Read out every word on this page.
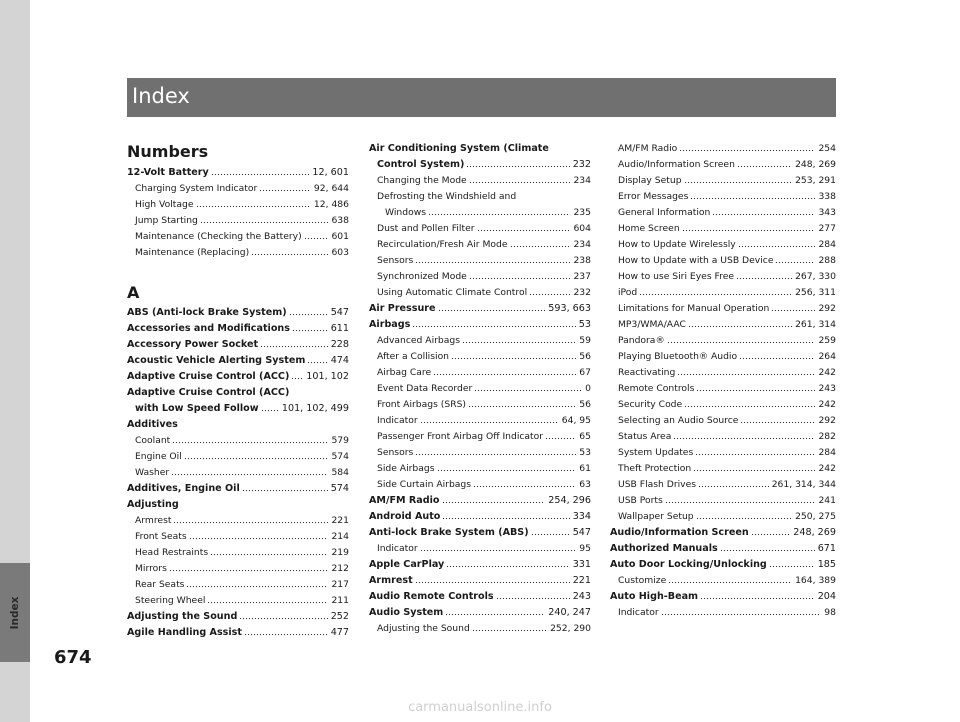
Index
Index
Numbers
12-Volt Battery	12, 601
Charging System Indicator	92, 644
High Voltage	12, 486
Jump Starting	638
Maintenance (Checking the Battery)	601
Maintenance (Replacing)	603
A
ABS (Anti-lock Brake System)	547
Accessories and Modifications	611
Accessory Power Socket	228
Acoustic Vehicle Alerting System	474
Adaptive Cruise Control (ACC) 101, 102
Adaptive Cruise Control (ACC)
with Low Speed Follow 101, 102, 499
Additives
Coolant	579
Engine Oil	574
Washer	584
Additives, Engine Oil	574
Adjusting
Armrest	221
Front Seats	214
Head Restraints	219
Mirrors	212
Rear Seats	217
Steering Wheel	211
Adjusting the Sound	252
Agile Handling Assist	477
Air Conditioning System (Climate
Control System)	232
Changing the Mode	234
Defrosting the Windshield and
Windows	235
Dust and Pollen Filter	604
Recirculation/Fresh Air Mode	234
Sensors	238
Synchronized Mode	237
Using Automatic Climate Control	232
Air Pressure	593, 663
Airbags	53
Advanced Airbags	59
After a Collision	56
Airbag Care	67
Event Data Recorder	0
Front Airbags (SRS)	56
Indicator	64, 95
Passenger Front Airbag Off Indicator	65
Sensors	53
Side Airbags	61
Side Curtain Airbags	63
AM/FM Radio	254, 296
Android Auto	334
Anti-lock Brake System (ABS)	547
Indicator	95
Apple CarPlay	331
Armrest	221
Audio Remote Controls	243
Audio System	240, 247
Adjusting the Sound	252, 290
AM/FM Radio	254
Audio/Information Screen	248, 269
Display Setup	253, 291
Error Messages	338
General Information	343
Home Screen	277
How to Update Wirelessly	284
How to Update with a USB Device	288
How to use Siri Eyes Free	267, 330
iPod	256, 311
Limitations for Manual Operation	292
MP3/WMA/AAC	261, 314
Pandora®	259
Playing Bluetooth® Audio	264
Reactivating	242
Remote Controls	243
Security Code	242
Selecting an Audio Source	292
Status Area	282
System Updates	284
Theft Protection	242
USB Flash Drives	261, 314, 344
USB Ports	241
Wallpaper Setup	250, 275
Audio/Information Screen	248, 269
Authorized Manuals	671
Auto Door Locking/Unlocking	185
Customize	164, 389
Auto High-Beam	204
Indicator	98
674
carmanualsonline.info
